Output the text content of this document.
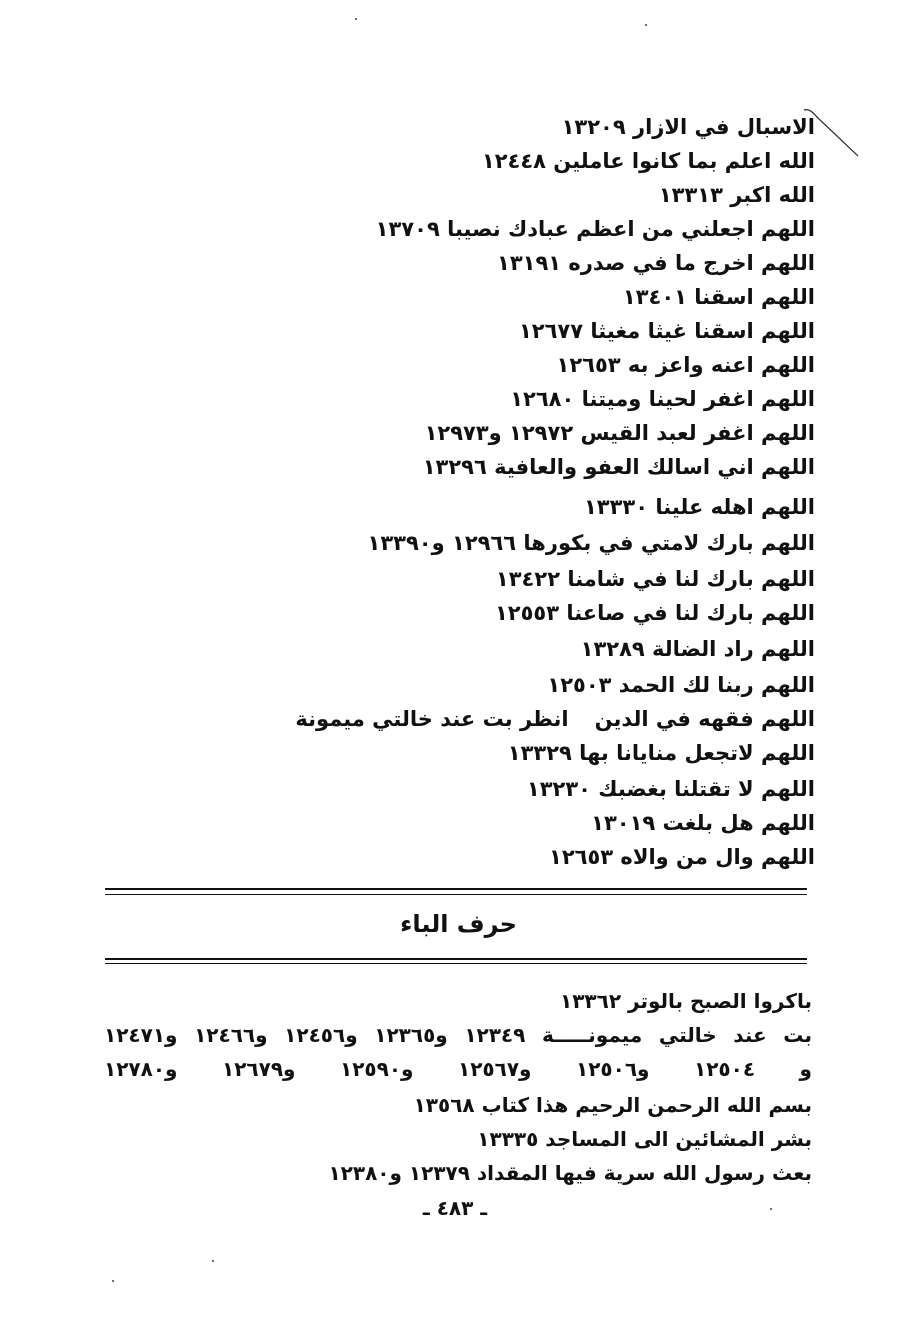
الاسبال في الازار ١٣٢٠٩
الله اعلم بما كانوا عاملين ١٢٤٤٨
الله اكبر ١٣٣١٣
اللهم اجعلني من اعظم عبادك نصيبا ١٣٧٠٩
اللهم اخرج ما في صدره ١٣١٩١
اللهم اسقنا ١٣٤٠١
اللهم اسقنا غيثا مغيثا ١٢٦٧٧
اللهم اعنه واعز به ١٢٦٥٣
اللهم اغفر لحينا وميتنا ١٢٦٨٠
اللهم اغفر لعبد القيس ١٢٩٧٢ و١٢٩٧٣
اللهم اني اسالك العفو والعافية ١٣٢٩٦
اللهم اهله علينا ١٣٣٣٠
اللهم بارك لامتي في بكورها ١٢٩٦٦ و١٣٣٩٠
اللهم بارك لنا في شامنا ١٣٤٢٢
اللهم بارك لنا في صاعنا ١٢٥٥٣
اللهم راد الضالة ١٣٢٨٩
اللهم ربنا لك الحمد ١٢٥٠٣
اللهم فقهه في الدينانظر بت عند خالتي ميمونة
اللهم لاتجعل منايانا بها ١٣٣٢٩
اللهم لا تقتلنا بغضبك ١٣٢٣٠
اللهم هل بلغت ١٣٠١٩
اللهم وال من والاه ١٢٦٥٣
حرف الباء
باكروا الصبح بالوتر ١٣٣٦٢
بت عند خالتي ميمونـــــة ١٢٣٤٩ و١٢٣٦٥ و١٢٤٥٦ و١٢٤٦٦ و١٢٤٧١
و ١٢٥٠٤ و١٢٥٠٦ و١٢٥٦٧ و١٢٥٩٠ و١٢٦٧٩ و١٢٧٨٠
بسم الله الرحمن الرحيم هذا كتاب ١٣٥٦٨
بشر المشائين الى المساجد ١٣٣٣٥
بعث رسول الله سرية فيها المقداد ١٢٣٧٩ و١٢٣٨٠
ـ ٤٨٣ ـ
